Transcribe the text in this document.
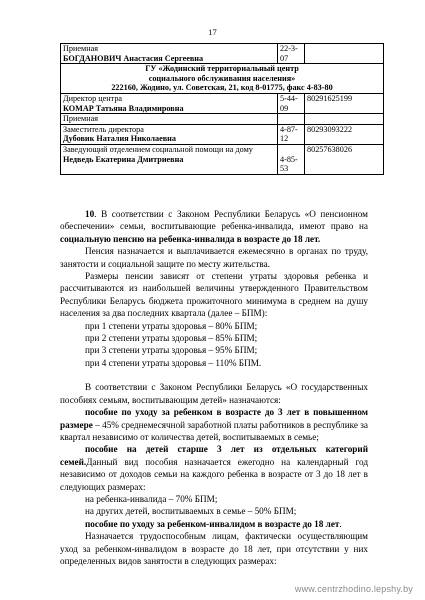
17
Приемная
БОГДАНОВИЧ Анастасия Сергеевна	22-3-07	

ГУ «Жодинский территориальный центр
социального обслуживания населения»
222160, Жодино, ул. Советская, 21, код 8-01775, факс 4-83-80		

Директор центра
КОМАР Татьяна Владимировна	5-44-09	80291625199

Приемная		

Заместитель директора
Дубовик Наталия Николаевна	4-87-12	80293093222

Заведующий отделением социальной помощи на дому
Недведь Екатерина Дмитриевна	4-85-53	80257638026

10. В соответствии с Законом Республики Беларусь «О пенсионном обеспечении» семьи, воспитывающие ребенка-инвалида, имеют право на социальную пенсию на ребенка-инвалида в возрасте до 18 лет.

Пенсия назначается и выплачивается ежемесячно в органах по труду, занятости и социальной защите по месту жительства.

Размеры пенсии зависят от степени утраты здоровья ребенка и рассчитываются из наибольшей величины утвержденного Правительством Республики Беларусь бюджета прожиточного минимума в среднем на душу населения за два последних квартала (далее – БПМ):

при 1 степени утраты здоровья – 80% БПМ;

при 2 степени утраты здоровья – 85% БПМ;

при 3 степени утраты здоровья – 95% БПМ;

при 4 степени утраты здоровья – 110% БПМ.

В соответствии с Законом Республики Беларусь «О государственных пособиях семьям, воспитывающим детей» назначаются:

пособие по уходу за ребенком в возрасте до 3 лет в повышенном размере – 45% среднемесячной заработной платы работников в республике за квартал независимо от количества детей, воспитываемых в семье;

пособие на детей старше 3 лет из отдельных категорий семей.Данный вид пособия назначается ежегодно на календарный год независимо от доходов семьи на каждого ребенка в возрасте от 3 до 18 лет в следующих размерах:

на ребенка-инвалида – 70% БПМ;

на других детей, воспитываемых в семье – 50% БПМ;

пособие по уходу за ребенком-инвалидом в возрасте до 18 лет.

Назначается трудоспособным лицам, фактически осуществляющим уход за ребенком-инвалидом в возрасте до 18 лет, при отсутствии у них определенных видов занятости в следующих размерах:

www.centrzhodino.lepshy.by
